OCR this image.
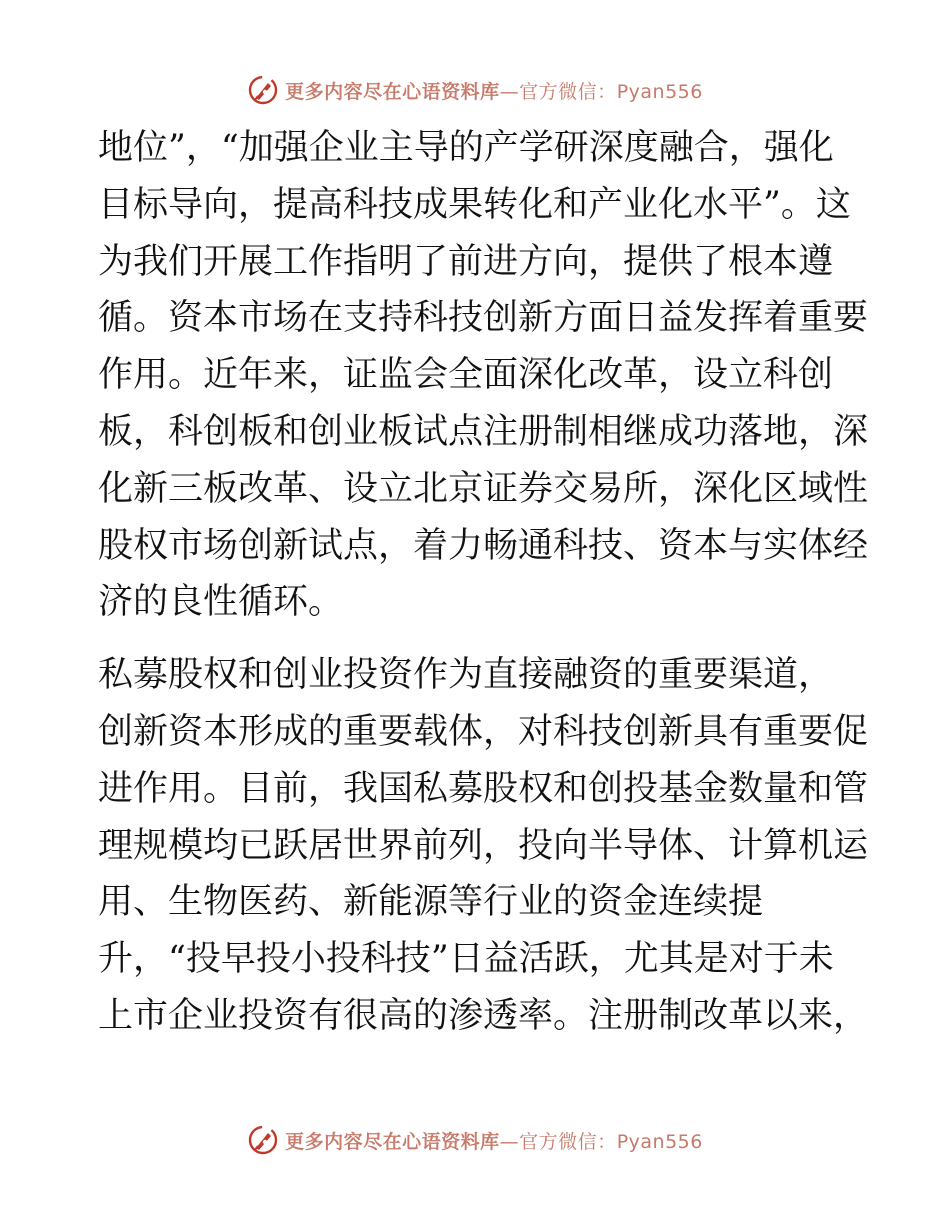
更多内容尽在心语资料库—官方微信：Pyan556
地位”，“加强企业主导的产学研深度融合，强化
目标导向，提高科技成果转化和产业化水平”。这
为我们开展工作指明了前进方向，提供了根本遵
循。资本市场在支持科技创新方面日益发挥着重要
作用。近年来，证监会全面深化改革，设立科创
板，科创板和创业板试点注册制相继成功落地，深
化新三板改革、设立北京证券交易所，深化区域性
股权市场创新试点，着力畅通科技、资本与实体经
济的良性循环。
私募股权和创业投资作为直接融资的重要渠道，
创新资本形成的重要载体，对科技创新具有重要促
进作用。目前，我国私募股权和创投基金数量和管
理规模均已跃居世界前列，投向半导体、计算机运
用、生物医药、新能源等行业的资金连续提
升，“投早投小投科技”日益活跃，尤其是对于未
上市企业投资有很高的渗透率。注册制改革以来，
更多内容尽在心语资料库—官方微信：Pyan556
